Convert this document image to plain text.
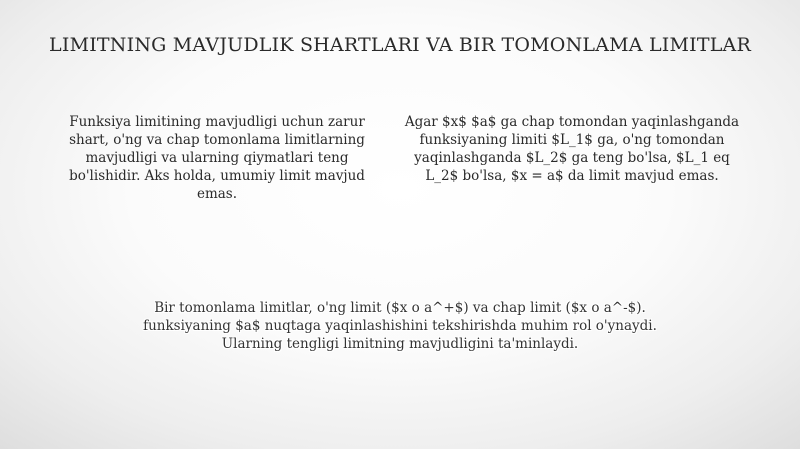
LIMITNING MAVJUDLIK SHARTLARI VA BIR TOMONLAMA LIMITLAR

Funksiya limitining mavjudligi uchun zarur shart, o'ng va chap tomonlama limitlarning mavjudligi va ularning qiymatlari teng bo'lishidir. Aks holda, umumiy limit mavjud emas.

Agar $x$ $a$ ga chap tomondan yaqinlashganda funksiyaning limiti $L_1$ ga, o'ng tomondan yaqinlashganda $L_2$ ga teng bo'lsa, $L_1 eq L_2$ bo'lsa, $x = a$ da limit mavjud emas.

Bir tomonlama limitlar, o'ng limit ($x o a^+$) va chap limit ($x o a^-$). funksiyaning $a$ nuqtaga yaqinlashishini tekshirishda muhim rol o'ynaydi. Ularning tengligi limitning mavjudligini ta'minlaydi.
